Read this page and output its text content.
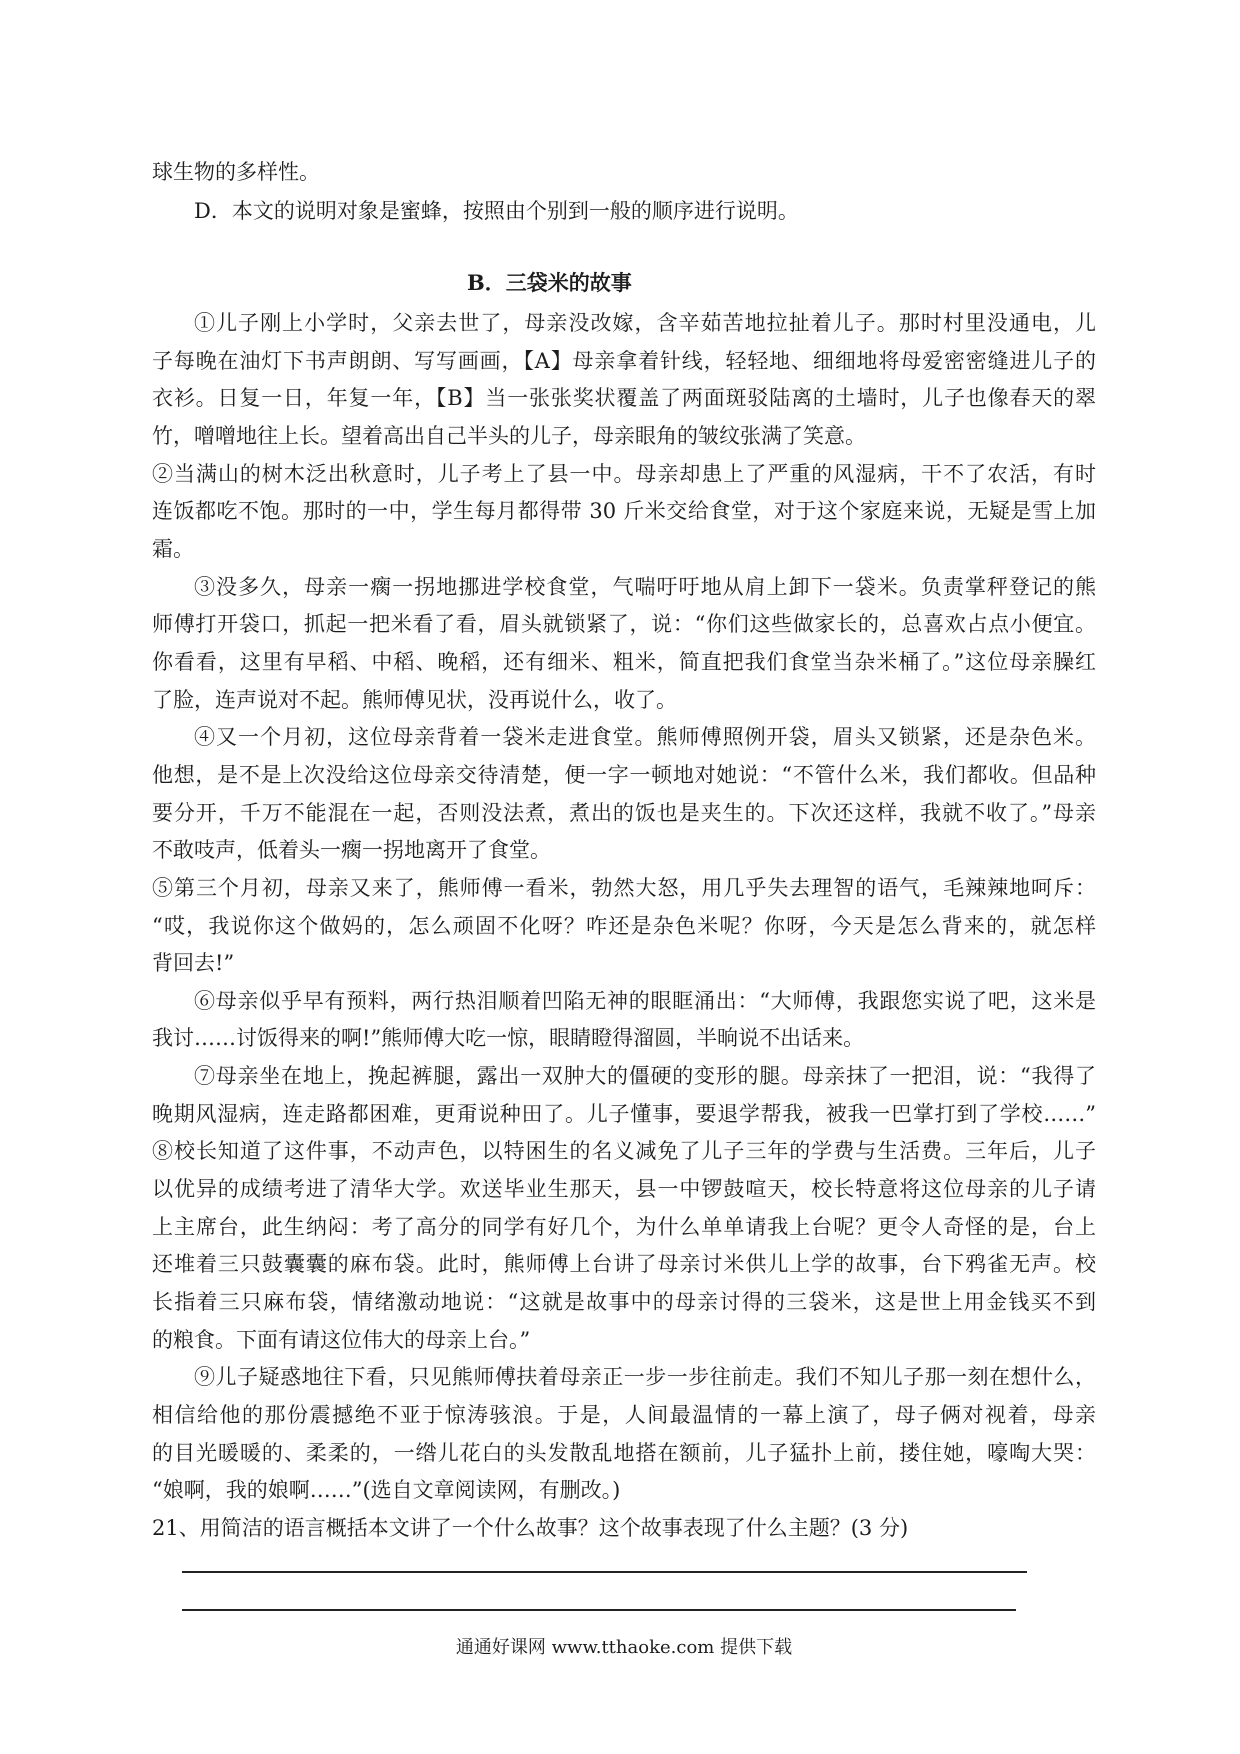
球生物的多样性。
D．本文的说明对象是蜜蜂，按照由个别到一般的顺序进行说明。
B．三袋米的故事
①儿子刚上小学时，父亲去世了，母亲没改嫁，含辛茹苦地拉扯着儿子。那时村里没通电，儿
子每晚在油灯下书声朗朗、写写画画，【A】母亲拿着针线，轻轻地、细细地将母爱密密缝进儿子的
衣衫。日复一日，年复一年，【B】当一张张奖状覆盖了两面斑驳陆离的土墙时，儿子也像春天的翠
竹，噌噌地往上长。望着高出自己半头的儿子，母亲眼角的皱纹张满了笑意。
②当满山的树木泛出秋意时，儿子考上了县一中。母亲却患上了严重的风湿病，干不了农活，有时
连饭都吃不饱。那时的一中，学生每月都得带 30 斤米交给食堂，对于这个家庭来说，无疑是雪上加
霜。
③没多久，母亲一瘸一拐地挪进学校食堂，气喘吁吁地从肩上卸下一袋米。负责掌秤登记的熊
师傅打开袋口，抓起一把米看了看，眉头就锁紧了，说：“你们这些做家长的，总喜欢占点小便宜。
你看看，这里有早稻、中稻、晚稻，还有细米、粗米，简直把我们食堂当杂米桶了。”这位母亲臊红
了脸，连声说对不起。熊师傅见状，没再说什么，收了。
④又一个月初，这位母亲背着一袋米走进食堂。熊师傅照例开袋，眉头又锁紧，还是杂色米。
他想，是不是上次没给这位母亲交待清楚，便一字一顿地对她说：“不管什么米，我们都收。但品种
要分开，千万不能混在一起，否则没法煮，煮出的饭也是夹生的。下次还这样，我就不收了。”母亲
不敢吱声，低着头一瘸一拐地离开了食堂。
⑤第三个月初，母亲又来了，熊师傅一看米，勃然大怒，用几乎失去理智的语气，毛辣辣地呵斥：
“哎，我说你这个做妈的，怎么顽固不化呀？咋还是杂色米呢？你呀，今天是怎么背来的，就怎样
背回去!”
⑥母亲似乎早有预料，两行热泪顺着凹陷无神的眼眶涌出：“大师傅，我跟您实说了吧，这米是
我讨……讨饭得来的啊!”熊师傅大吃一惊，眼睛瞪得溜圆，半晌说不出话来。
⑦母亲坐在地上，挽起裤腿，露出一双肿大的僵硬的变形的腿。母亲抹了一把泪，说：“我得了
晚期风湿病，连走路都困难，更甭说种田了。儿子懂事，要退学帮我，被我一巴掌打到了学校……”
⑧校长知道了这件事，不动声色，以特困生的名义减免了儿子三年的学费与生活费。三年后，儿子
以优异的成绩考进了清华大学。欢送毕业生那天，县一中锣鼓喧天，校长特意将这位母亲的儿子请
上主席台，此生纳闷：考了高分的同学有好几个，为什么单单请我上台呢？更令人奇怪的是，台上
还堆着三只鼓囊囊的麻布袋。此时，熊师傅上台讲了母亲讨米供儿上学的故事，台下鸦雀无声。校
长指着三只麻布袋，情绪激动地说：“这就是故事中的母亲讨得的三袋米，这是世上用金钱买不到
的粮食。下面有请这位伟大的母亲上台。”
⑨儿子疑惑地往下看，只见熊师傅扶着母亲正一步一步往前走。我们不知儿子那一刻在想什么，
相信给他的那份震撼绝不亚于惊涛骇浪。于是，人间最温情的一幕上演了，母子俩对视着，母亲
的目光暖暖的、柔柔的，一绺儿花白的头发散乱地搭在额前，儿子猛扑上前，搂住她，嚎啕大哭：
“娘啊，我的娘啊……”(选自文章阅读网，有删改。)
21、用简洁的语言概括本文讲了一个什么故事？这个故事表现了什么主题？(3 分)
通通好课网 www.tthaoke.com 提供下载
